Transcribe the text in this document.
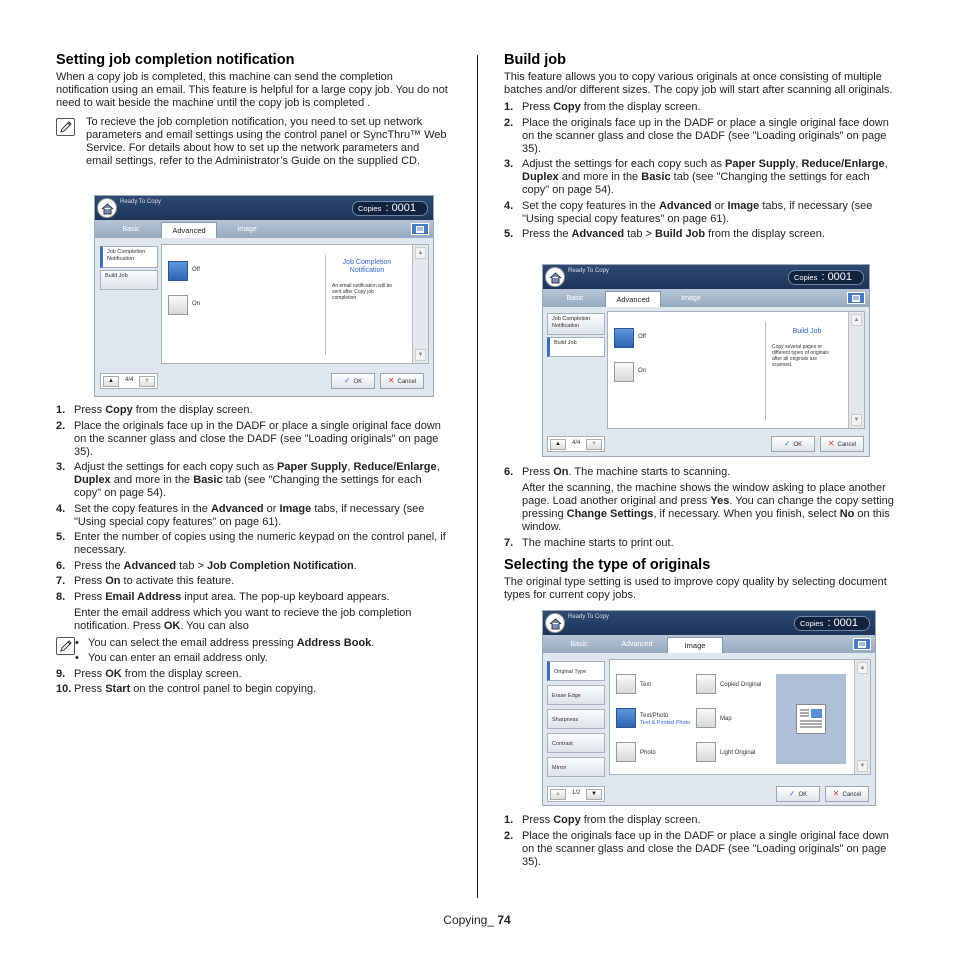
Setting job completion notification

When a copy job is completed, this machine can send the completion notification using an email. This feature is helpful for a large copy job. You do not need to wait beside the machine until the copy job is completed .

To recieve the job completion notification, you need to set up network parameters and email settings using the control panel or SyncThru™ Web Service. For details about how to set up the network parameters and email settings, refer to the Administrator’s Guide on the supplied CD.

Ready To Copy
Copies : 0001
Basic	Advanced	Image
Job Completion Notification
Build Job
Off
On
Job Completion Notification
An email notification will be sent after Copy job completion
▲
▼
▲	4/4	▼	✓ OK	✕ Cancel
1. Press Copy from the display screen.
2. Place the originals face up in the DADF or place a single original face down on the scanner glass and close the DADF (see "Loading originals" on page 35).
3. Adjust the settings for each copy such as Paper Supply, Reduce/Enlarge, Duplex and more in the Basic tab (see "Changing the settings for each copy" on page 54).
4. Set the copy features in the Advanced or Image tabs, if necessary (see "Using special copy features" on page 61).
5. Enter the number of copies using the numeric keypad on the control panel, if necessary.
6. Press the Advanced tab > Job Completion Notification.
7. Press On to activate this feature.
8. Press Email Address input area. The pop-up keyboard appears.
Enter the email address which you want to recieve the job completion notification. Press OK. You can also
• You can select the email address pressing Address Book.
• You can enter an email address only.
9. Press OK from the display screen.
10. Press Start on the control panel to begin copying.
Build job

This feature allows you to copy various originals at once consisting of multiple batches and/or different sizes. The copy job will start after scanning all originals.

1. Press Copy from the display screen.
2. Place the originals face up in the DADF or place a single original face down on the scanner glass and close the DADF (see "Loading originals" on page 35).
3. Adjust the settings for each copy such as Paper Supply, Reduce/Enlarge, Duplex and more in the Basic tab (see "Changing the settings for each copy" on page 54).
4. Set the copy features in the Advanced or Image tabs, if necessary (see "Using special copy features" on page 61).
5. Press the Advanced tab > Build Job from the display screen.
Ready To Copy
Copies : 0001
Basic	Advanced	Image
Job Completion Notification
Build Job
Off
On
Build Job
Copy several pages or different types of originals after all originals are scanned.
▲
▼
▲	4/4	▼	✓ OK	✕ Cancel
6. Press On. The machine starts to scanning.
After the scanning, the machine shows the window asking to place another page. Load another original and press Yes. You can change the copy setting pressing Change Settings, if necessary. When you finish, select No on this window.
7. The machine starts to print out.
Selecting the type of originals

The original type setting is used to improve copy quality by selecting document types for current copy jobs.

Ready To Copy
Copies : 0001
Basic	Advanced	Image
Original Type
Erase Edge
Sharpness
Contrast
Mirror
Text	Copied Original
Text/Photo
Text & Printed Photo
Map
Photo	Light Original
▲
▼
▲	1/2	▼	✓ OK	✕ Cancel
1. Press Copy from the display screen.
2. Place the originals face up in the DADF or place a single original face down on the scanner glass and close the DADF (see "Loading originals" on page 35).
Copying_ 74
